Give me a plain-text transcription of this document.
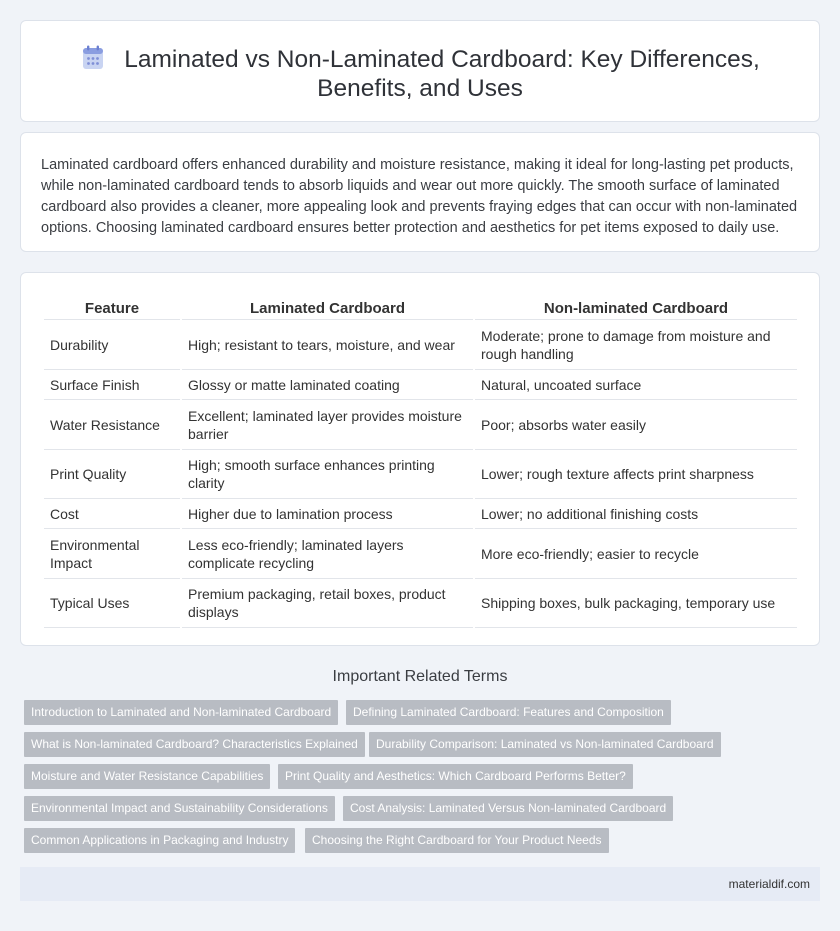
Laminated vs Non-Laminated Cardboard: Key Differences,
Benefits, and Uses

Laminated cardboard offers enhanced durability and moisture resistance, making it ideal for long-lasting pet products, while non-laminated cardboard tends to absorb liquids and wear out more quickly. The smooth surface of laminated cardboard also provides a cleaner, more appealing look and prevents fraying edges that can occur with non-laminated options. Choosing laminated cardboard ensures better protection and aesthetics for pet items exposed to daily use.

Feature	Laminated Cardboard	Non-laminated Cardboard
Durability	High; resistant to tears, moisture, and wear	Moderate; prone to damage from moisture and rough handling
Surface Finish	Glossy or matte laminated coating	Natural, uncoated surface
Water Resistance	Excellent; laminated layer provides moisture barrier	Poor; absorbs water easily
Print Quality	High; smooth surface enhances printing clarity	Lower; rough texture affects print sharpness
Cost	Higher due to lamination process	Lower; no additional finishing costs
Environmental Impact	Less eco-friendly; laminated layers complicate recycling	More eco-friendly; easier to recycle
Typical Uses	Premium packaging, retail boxes, product displays	Shipping boxes, bulk packaging, temporary use
Important Related Terms
Introduction to Laminated and Non-laminated Cardboard	Defining Laminated Cardboard: Features and Composition
What is Non-laminated Cardboard? Characteristics Explained	Durability Comparison: Laminated vs Non-laminated Cardboard
Moisture and Water Resistance Capabilities	Print Quality and Aesthetics: Which Cardboard Performs Better?
Environmental Impact and Sustainability Considerations	Cost Analysis: Laminated Versus Non-laminated Cardboard
Common Applications in Packaging and Industry	Choosing the Right Cardboard for Your Product Needs
materialdif.com
